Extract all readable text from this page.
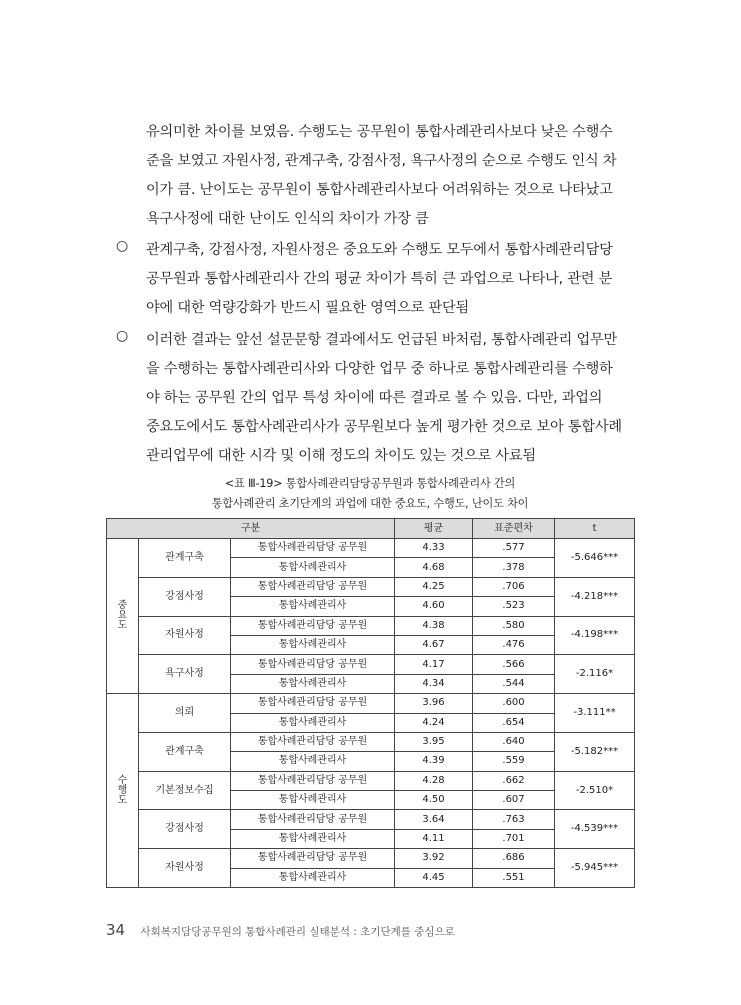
유의미한 차이를 보였음. 수행도는 공무원이 통합사례관리사보다 낮은 수행수
준을 보였고 자원사정, 관계구축, 강점사정, 욕구사정의 순으로 수행도 인식 차
이가 큼. 난이도는 공무원이 통합사례관리사보다 어려워하는 것으로 나타났고
욕구사정에 대한 난이도 인식의 차이가 가장 큼
○ 관계구축, 강점사정, 자원사정은 중요도와 수행도 모두에서 통합사례관리담당
공무원과 통합사례관리사 간의 평균 차이가 특히 큰 과업으로 나타나, 관련 분
야에 대한 역량강화가 반드시 필요한 영역으로 판단됨
○ 이러한 결과는 앞선 설문문항 결과에서도 언급된 바처럼, 통합사례관리 업무만
을 수행하는 통합사례관리사와 다양한 업무 중 하나로 통합사례관리를 수행하
야 하는 공무원 간의 업무 특성 차이에 따른 결과로 볼 수 있음. 다만, 과업의
중요도에서도 통합사례관리사가 공무원보다 높게 평가한 것으로 보아 통합사례
관리업무에 대한 시각 및 이해 정도의 차이도 있는 것으로 사료됨
<표 Ⅲ-19> 통합사례관리담당공무원과 통합사례관리사 간의
통합사례관리 초기단계의 과업에 대한 중요도, 수행도, 난이도 차이
구분			평균	표준편차	t

중
요
도	관계구축	통합사례관리담당 공무원	4.33	.577	-5.646***
		통합사례관리사	4.68	.378	
	강점사정	통합사례관리담당 공무원	4.25	.706	-4.218***
		통합사례관리사	4.60	.523	
	자원사정	통합사례관리담당 공무원	4.38	.580	-4.198***
		통합사례관리사	4.67	.476	
	욕구사정	통합사례관리담당 공무원	4.17	.566	-2.116*
		통합사례관리사	4.34	.544	

수
행
도	의뢰	통합사례관리담당 공무원	3.96	.600	-3.111**
		통합사례관리사	4.24	.654	
	관계구축	통합사례관리담당 공무원	3.95	.640	-5.182***
		통합사례관리사	4.39	.559	
	기본정보수집	통합사례관리담당 공무원	4.28	.662	-2.510*
		통합사례관리사	4.50	.607	
	강점사정	통합사례관리담당 공무원	3.64	.763	-4.539***
		통합사례관리사	4.11	.701	
	자원사정	통합사례관리담당 공무원	3.92	.686	-5.945***
		통합사례관리사	4.45	.551	
34 사회복지담당공무원의 통합사례관리 실태분석 : 초기단계를 중심으로
